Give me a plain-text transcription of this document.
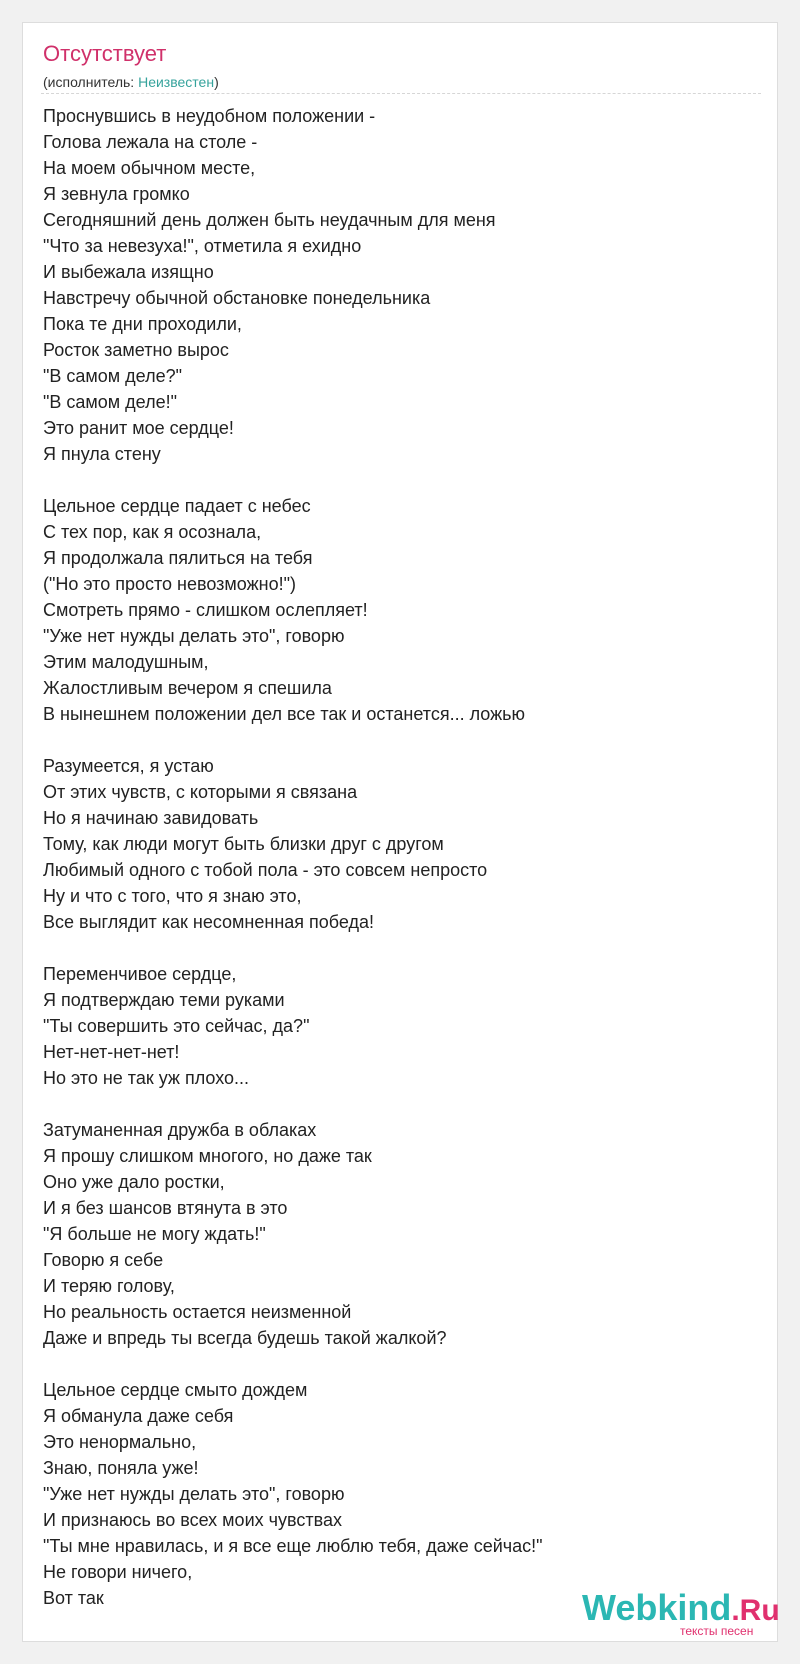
Отсутствует
(исполнитель: Неизвестен)
Проснувшись в неудобном положении -
Голова лежала на столе -
На моем обычном месте,
Я зевнула громко
Сегодняшний день должен быть неудачным для меня
"Что за невезуха!", отметила я ехидно
И выбежала изящно
Навстречу обычной обстановке понедельника
Пока те дни проходили,
Росток заметно вырос
"В самом деле?"
"В самом деле!"
Это ранит мое сердце!
Я пнула стену
Цельное сердце падает с небес
С тех пор, как я осознала,
Я продолжала пялиться на тебя
("Но это просто невозможно!")
Смотреть прямо - слишком ослепляет!
"Уже нет нужды делать это", говорю
Этим малодушным,
Жалостливым вечером я спешила
В нынешнем положении дел все так и останется... ложью
Разумеется, я устаю
От этих чувств, с которыми я связана
Но я начинаю завидовать
Тому, как люди могут быть близки друг с другом
Любимый одного с тобой пола - это совсем непросто
Ну и что с того, что я знаю это,
Все выглядит как несомненная победа!
Переменчивое сердце,
Я подтверждаю теми руками
"Ты совершить это сейчас, да?"
Нет-нет-нет-нет!
Но это не так уж плохо...
Затуманенная дружба в облаках
Я прошу слишком многого, но даже так
Оно уже дало ростки,
И я без шансов втянута в это
"Я больше не могу ждать!"
Говорю я себе
И теряю голову,
Но реальность остается неизменной
Даже и впредь ты всегда будешь такой жалкой?
Цельное сердце смыто дождем
Я обманула даже себя
Это ненормально,
Знаю, поняла уже!
"Уже нет нужды делать это", говорю
И признаюсь во всех моих чувствах
"Ты мне нравилась, и я все еще люблю тебя, даже сейчас!"
Не говори ничего,
Вот так	Webkind.Ru
тексты песен
